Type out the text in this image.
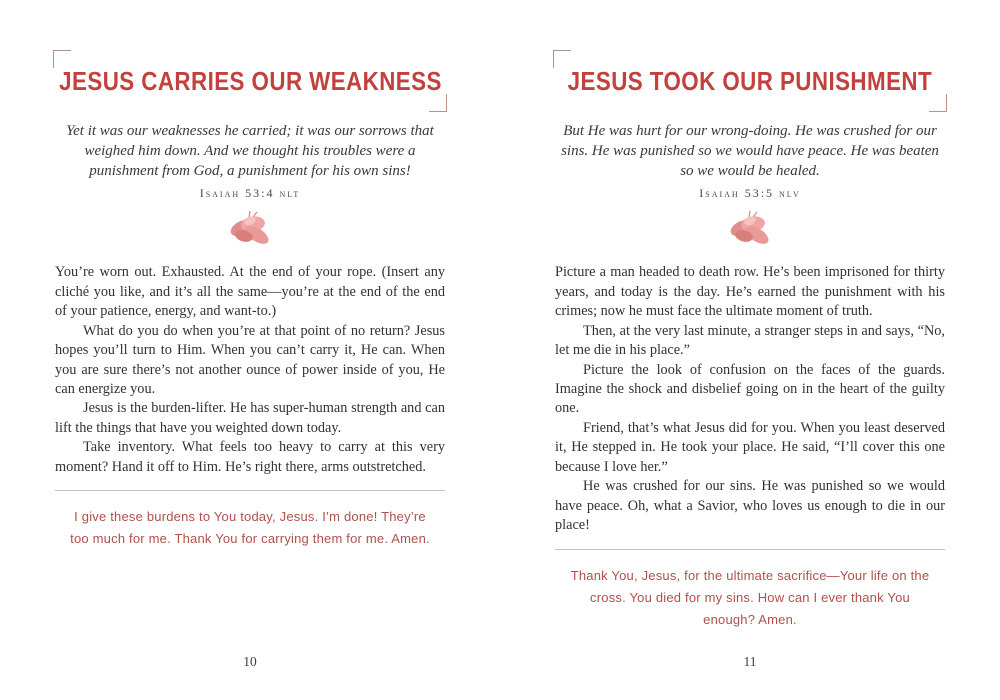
JESUS CARRIES OUR WEAKNESS
Yet it was our weaknesses he carried; it was our sorrows that weighed him down. And we thought his troubles were a punishment from God, a punishment for his own sins!
Isaiah 53:4 nlt

You’re worn out. Exhausted. At the end of your rope. (Insert any cliché you like, and it’s all the same—you’re at the end of the end of your patience, energy, and want-to.)

What do you do when you’re at that point of no return? Jesus hopes you’ll turn to Him. When you can’t carry it, He can. When you are sure there’s not another ounce of power inside of you, He can energize you.

Jesus is the burden-lifter. He has super-human strength and can lift the things that have you weighted down today.

Take inventory. What feels too heavy to carry at this very moment? Hand it off to Him. He’s right there, arms outstretched.

I give these burdens to You today, Jesus. I’m done! They’re too much for me. Thank You for carrying them for me. Amen.
10
JESUS TOOK OUR PUNISHMENT
But He was hurt for our wrong-doing. He was crushed for our sins. He was punished so we would have peace. He was beaten so we would be healed.
Isaiah 53:5 nlv

Picture a man headed to death row. He’s been imprisoned for thirty years, and today is the day. He’s earned the punishment with his crimes; now he must face the ultimate moment of truth.

Then, at the very last minute, a stranger steps in and says, “No, let me die in his place.”

Picture the look of confusion on the faces of the guards. Imagine the shock and disbelief going on in the heart of the guilty one.

Friend, that’s what Jesus did for you. When you least deserved it, He stepped in. He took your place. He said, “I’ll cover this one because I love her.”

He was crushed for our sins. He was punished so we would have peace. Oh, what a Savior, who loves us enough to die in our place!

Thank You, Jesus, for the ultimate sacrifice—Your life on the cross. You died for my sins. How can I ever thank You enough? Amen.
11
